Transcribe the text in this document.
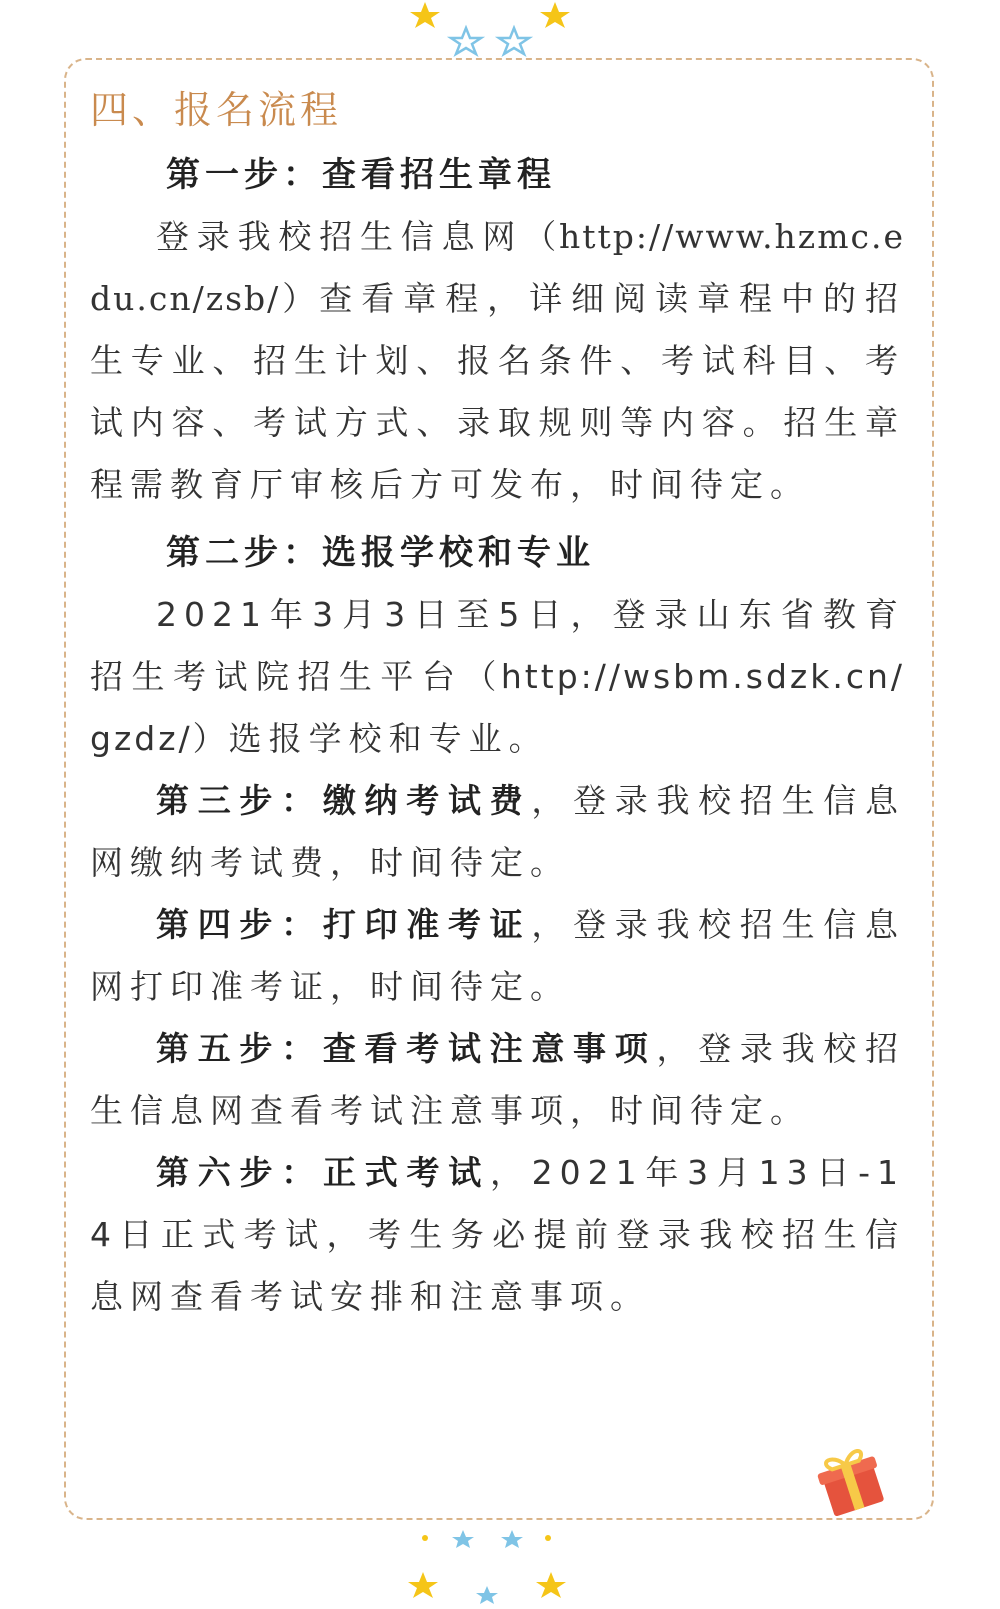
四、报名流程

第一步：查看招生章程

登录我校招生信息网（http://www.hzmc.edu.cn/zsb/）查看章程，详细阅读章程中的招生专业、招生计划、报名条件、考试科目、考试内容、考试方式、录取规则等内容。招生章程需教育厅审核后方可发布，时间待定。

第二步：选报学校和专业

2021年3月3日至5日，登录山东省教育招生考试院招生平台（http://wsbm.sdzk.cn/gzdz/）选报学校和专业。

第三步：缴纳考试费，登录我校招生信息网缴纳考试费，时间待定。

第四步：打印准考证，登录我校招生信息网打印准考证，时间待定。

第五步：查看考试注意事项，登录我校招生信息网查看考试注意事项，时间待定。

第六步：正式考试，2021年3月13日-14日正式考试，考生务必提前登录我校招生信息网查看考试安排和注意事项。
